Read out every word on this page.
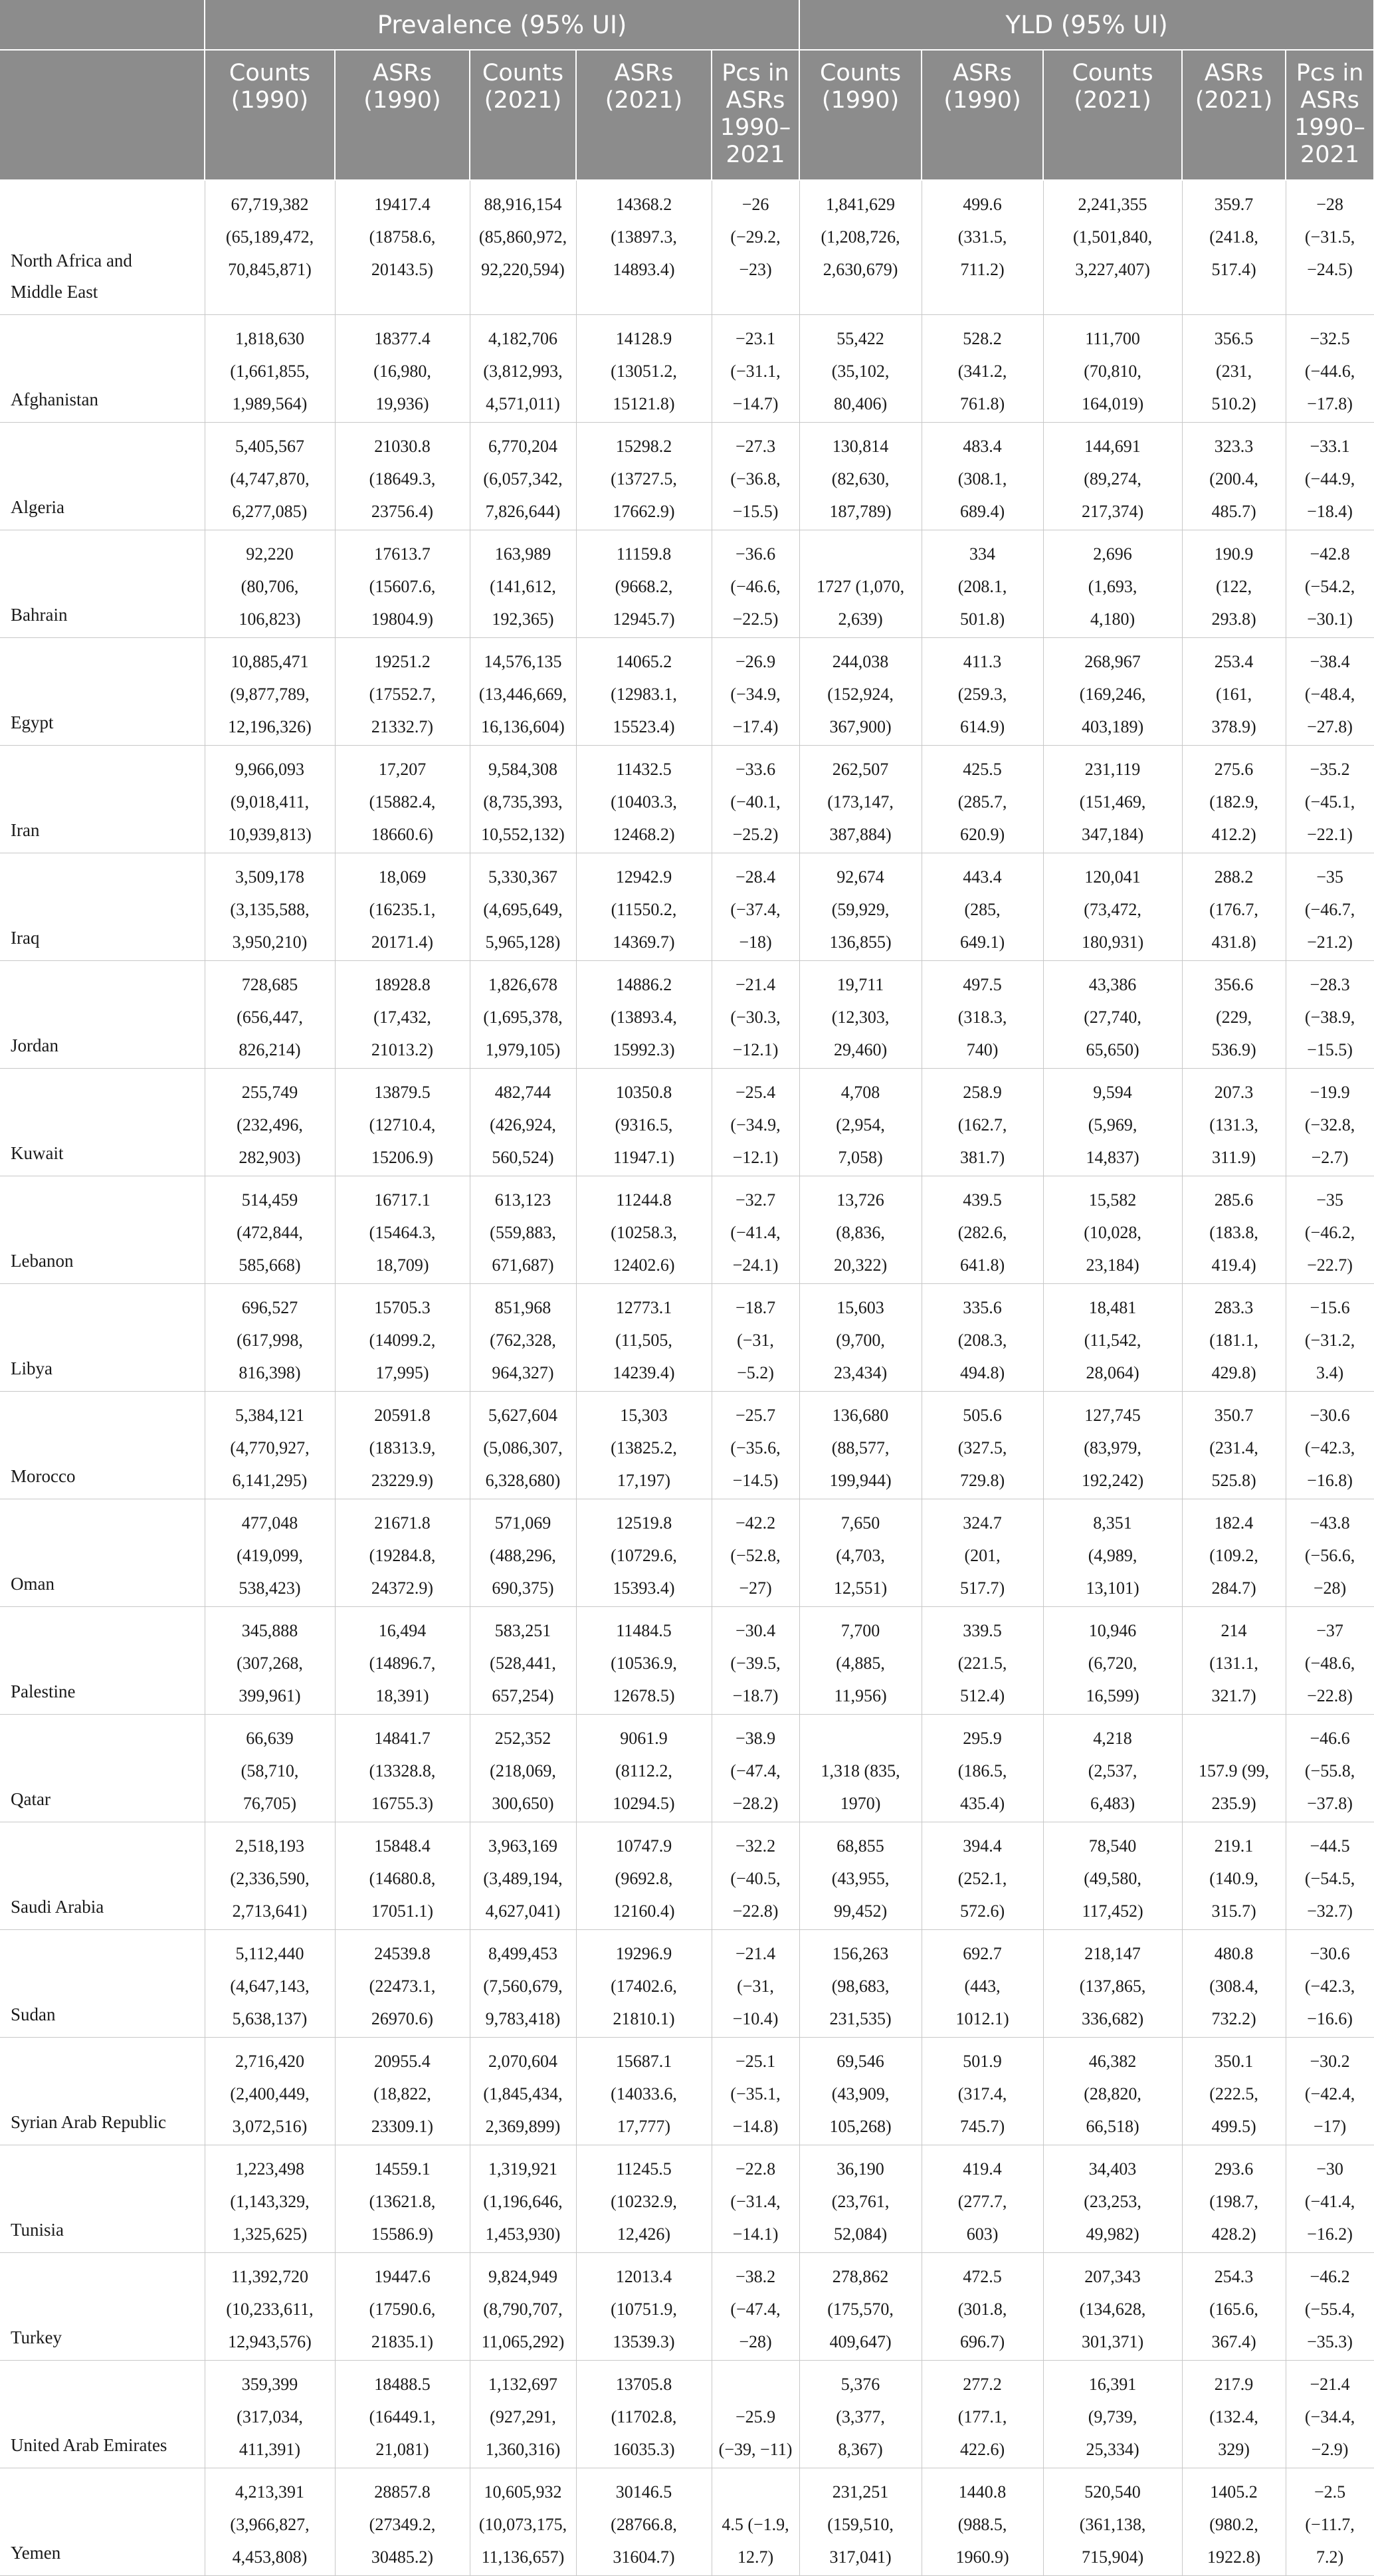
	Prevalence (95% UI)					YLD (95% UI)				

	Counts
(1990)	ASRs
(1990)	Counts
(2021)	ASRs
(2021)	Pcs in
ASRs
1990–
2021	Counts
(1990)	ASRs
(1990)	Counts
(2021)	ASRs
(2021)	Pcs in
ASRs
1990–
2021

North Africa and
Middle East	67,719,382
(65,189,472,
70,845,871)	19417.4
(18758.6,
20143.5)	88,916,154
(85,860,972,
92,220,594)	14368.2
(13897.3,
14893.4)	−26
(−29.2,
−23)	1,841,629
(1,208,726,
2,630,679)	499.6
(331.5,
711.2)	2,241,355
(1,501,840,
3,227,407)	359.7
(241.8,
517.4)	−28
(−31.5,
−24.5)

Afghanistan	1,818,630
(1,661,855,
1,989,564)	18377.4
(16,980,
19,936)	4,182,706
(3,812,993,
4,571,011)	14128.9
(13051.2,
15121.8)	−23.1
(−31.1,
−14.7)	55,422
(35,102,
80,406)	528.2
(341.2,
761.8)	111,700
(70,810,
164,019)	356.5
(231,
510.2)	−32.5
(−44.6,
−17.8)

Algeria	5,405,567
(4,747,870,
6,277,085)	21030.8
(18649.3,
23756.4)	6,770,204
(6,057,342,
7,826,644)	15298.2
(13727.5,
17662.9)	−27.3
(−36.8,
−15.5)	130,814
(82,630,
187,789)	483.4
(308.1,
689.4)	144,691
(89,274,
217,374)	323.3
(200.4,
485.7)	−33.1
(−44.9,
−18.4)

Bahrain	92,220
(80,706,
106,823)	17613.7
(15607.6,
19804.9)	163,989
(141,612,
192,365)	11159.8
(9668.2,
12945.7)	−36.6
(−46.6,
−22.5)	1727 (1,070,
2,639)	334
(208.1,
501.8)	2,696
(1,693,
4,180)	190.9
(122,
293.8)	−42.8
(−54.2,
−30.1)

Egypt	10,885,471
(9,877,789,
12,196,326)	19251.2
(17552.7,
21332.7)	14,576,135
(13,446,669,
16,136,604)	14065.2
(12983.1,
15523.4)	−26.9
(−34.9,
−17.4)	244,038
(152,924,
367,900)	411.3
(259.3,
614.9)	268,967
(169,246,
403,189)	253.4
(161,
378.9)	−38.4
(−48.4,
−27.8)

Iran	9,966,093
(9,018,411,
10,939,813)	17,207
(15882.4,
18660.6)	9,584,308
(8,735,393,
10,552,132)	11432.5
(10403.3,
12468.2)	−33.6
(−40.1,
−25.2)	262,507
(173,147,
387,884)	425.5
(285.7,
620.9)	231,119
(151,469,
347,184)	275.6
(182.9,
412.2)	−35.2
(−45.1,
−22.1)

Iraq	3,509,178
(3,135,588,
3,950,210)	18,069
(16235.1,
20171.4)	5,330,367
(4,695,649,
5,965,128)	12942.9
(11550.2,
14369.7)	−28.4
(−37.4,
−18)	92,674
(59,929,
136,855)	443.4
(285,
649.1)	120,041
(73,472,
180,931)	288.2
(176.7,
431.8)	−35
(−46.7,
−21.2)

Jordan	728,685
(656,447,
826,214)	18928.8
(17,432,
21013.2)	1,826,678
(1,695,378,
1,979,105)	14886.2
(13893.4,
15992.3)	−21.4
(−30.3,
−12.1)	19,711
(12,303,
29,460)	497.5
(318.3,
740)	43,386
(27,740,
65,650)	356.6
(229,
536.9)	−28.3
(−38.9,
−15.5)

Kuwait	255,749
(232,496,
282,903)	13879.5
(12710.4,
15206.9)	482,744
(426,924,
560,524)	10350.8
(9316.5,
11947.1)	−25.4
(−34.9,
−12.1)	4,708
(2,954,
7,058)	258.9
(162.7,
381.7)	9,594
(5,969,
14,837)	207.3
(131.3,
311.9)	−19.9
(−32.8,
−2.7)

Lebanon	514,459
(472,844,
585,668)	16717.1
(15464.3,
18,709)	613,123
(559,883,
671,687)	11244.8
(10258.3,
12402.6)	−32.7
(−41.4,
−24.1)	13,726
(8,836,
20,322)	439.5
(282.6,
641.8)	15,582
(10,028,
23,184)	285.6
(183.8,
419.4)	−35
(−46.2,
−22.7)

Libya	696,527
(617,998,
816,398)	15705.3
(14099.2,
17,995)	851,968
(762,328,
964,327)	12773.1
(11,505,
14239.4)	−18.7
(−31,
−5.2)	15,603
(9,700,
23,434)	335.6
(208.3,
494.8)	18,481
(11,542,
28,064)	283.3
(181.1,
429.8)	−15.6
(−31.2,
3.4)

Morocco	5,384,121
(4,770,927,
6,141,295)	20591.8
(18313.9,
23229.9)	5,627,604
(5,086,307,
6,328,680)	15,303
(13825.2,
17,197)	−25.7
(−35.6,
−14.5)	136,680
(88,577,
199,944)	505.6
(327.5,
729.8)	127,745
(83,979,
192,242)	350.7
(231.4,
525.8)	−30.6
(−42.3,
−16.8)

Oman	477,048
(419,099,
538,423)	21671.8
(19284.8,
24372.9)	571,069
(488,296,
690,375)	12519.8
(10729.6,
15393.4)	−42.2
(−52.8,
−27)	7,650
(4,703,
12,551)	324.7
(201,
517.7)	8,351
(4,989,
13,101)	182.4
(109.2,
284.7)	−43.8
(−56.6,
−28)

Palestine	345,888
(307,268,
399,961)	16,494
(14896.7,
18,391)	583,251
(528,441,
657,254)	11484.5
(10536.9,
12678.5)	−30.4
(−39.5,
−18.7)	7,700
(4,885,
11,956)	339.5
(221.5,
512.4)	10,946
(6,720,
16,599)	214
(131.1,
321.7)	−37
(−48.6,
−22.8)

Qatar	66,639
(58,710,
76,705)	14841.7
(13328.8,
16755.3)	252,352
(218,069,
300,650)	9061.9
(8112.2,
10294.5)	−38.9
(−47.4,
−28.2)	1,318 (835,
1970)	295.9
(186.5,
435.4)	4,218
(2,537,
6,483)	157.9 (99,
235.9)	−46.6
(−55.8,
−37.8)

Saudi Arabia	2,518,193
(2,336,590,
2,713,641)	15848.4
(14680.8,
17051.1)	3,963,169
(3,489,194,
4,627,041)	10747.9
(9692.8,
12160.4)	−32.2
(−40.5,
−22.8)	68,855
(43,955,
99,452)	394.4
(252.1,
572.6)	78,540
(49,580,
117,452)	219.1
(140.9,
315.7)	−44.5
(−54.5,
−32.7)

Sudan	5,112,440
(4,647,143,
5,638,137)	24539.8
(22473.1,
26970.6)	8,499,453
(7,560,679,
9,783,418)	19296.9
(17402.6,
21810.1)	−21.4
(−31,
−10.4)	156,263
(98,683,
231,535)	692.7
(443,
1012.1)	218,147
(137,865,
336,682)	480.8
(308.4,
732.2)	−30.6
(−42.3,
−16.6)

Syrian Arab Republic	2,716,420
(2,400,449,
3,072,516)	20955.4
(18,822,
23309.1)	2,070,604
(1,845,434,
2,369,899)	15687.1
(14033.6,
17,777)	−25.1
(−35.1,
−14.8)	69,546
(43,909,
105,268)	501.9
(317.4,
745.7)	46,382
(28,820,
66,518)	350.1
(222.5,
499.5)	−30.2
(−42.4,
−17)

Tunisia	1,223,498
(1,143,329,
1,325,625)	14559.1
(13621.8,
15586.9)	1,319,921
(1,196,646,
1,453,930)	11245.5
(10232.9,
12,426)	−22.8
(−31.4,
−14.1)	36,190
(23,761,
52,084)	419.4
(277.7,
603)	34,403
(23,253,
49,982)	293.6
(198.7,
428.2)	−30
(−41.4,
−16.2)

Turkey	11,392,720
(10,233,611,
12,943,576)	19447.6
(17590.6,
21835.1)	9,824,949
(8,790,707,
11,065,292)	12013.4
(10751.9,
13539.3)	−38.2
(−47.4,
−28)	278,862
(175,570,
409,647)	472.5
(301.8,
696.7)	207,343
(134,628,
301,371)	254.3
(165.6,
367.4)	−46.2
(−55.4,
−35.3)

United Arab Emirates	359,399
(317,034,
411,391)	18488.5
(16449.1,
21,081)	1,132,697
(927,291,
1,360,316)	13705.8
(11702.8,
16035.3)	−25.9
(−39, −11)	5,376
(3,377,
8,367)	277.2
(177.1,
422.6)	16,391
(9,739,
25,334)	217.9
(132.4,
329)	−21.4
(−34.4,
−2.9)

Yemen	4,213,391
(3,966,827,
4,453,808)	28857.8
(27349.2,
30485.2)	10,605,932
(10,073,175,
11,136,657)	30146.5
(28766.8,
31604.7)	4.5 (−1.9,
12.7)	231,251
(159,510,
317,041)	1440.8
(988.5,
1960.9)	520,540
(361,138,
715,904)	1405.2
(980.2,
1922.8)	−2.5
(−11.7,
7.2)
